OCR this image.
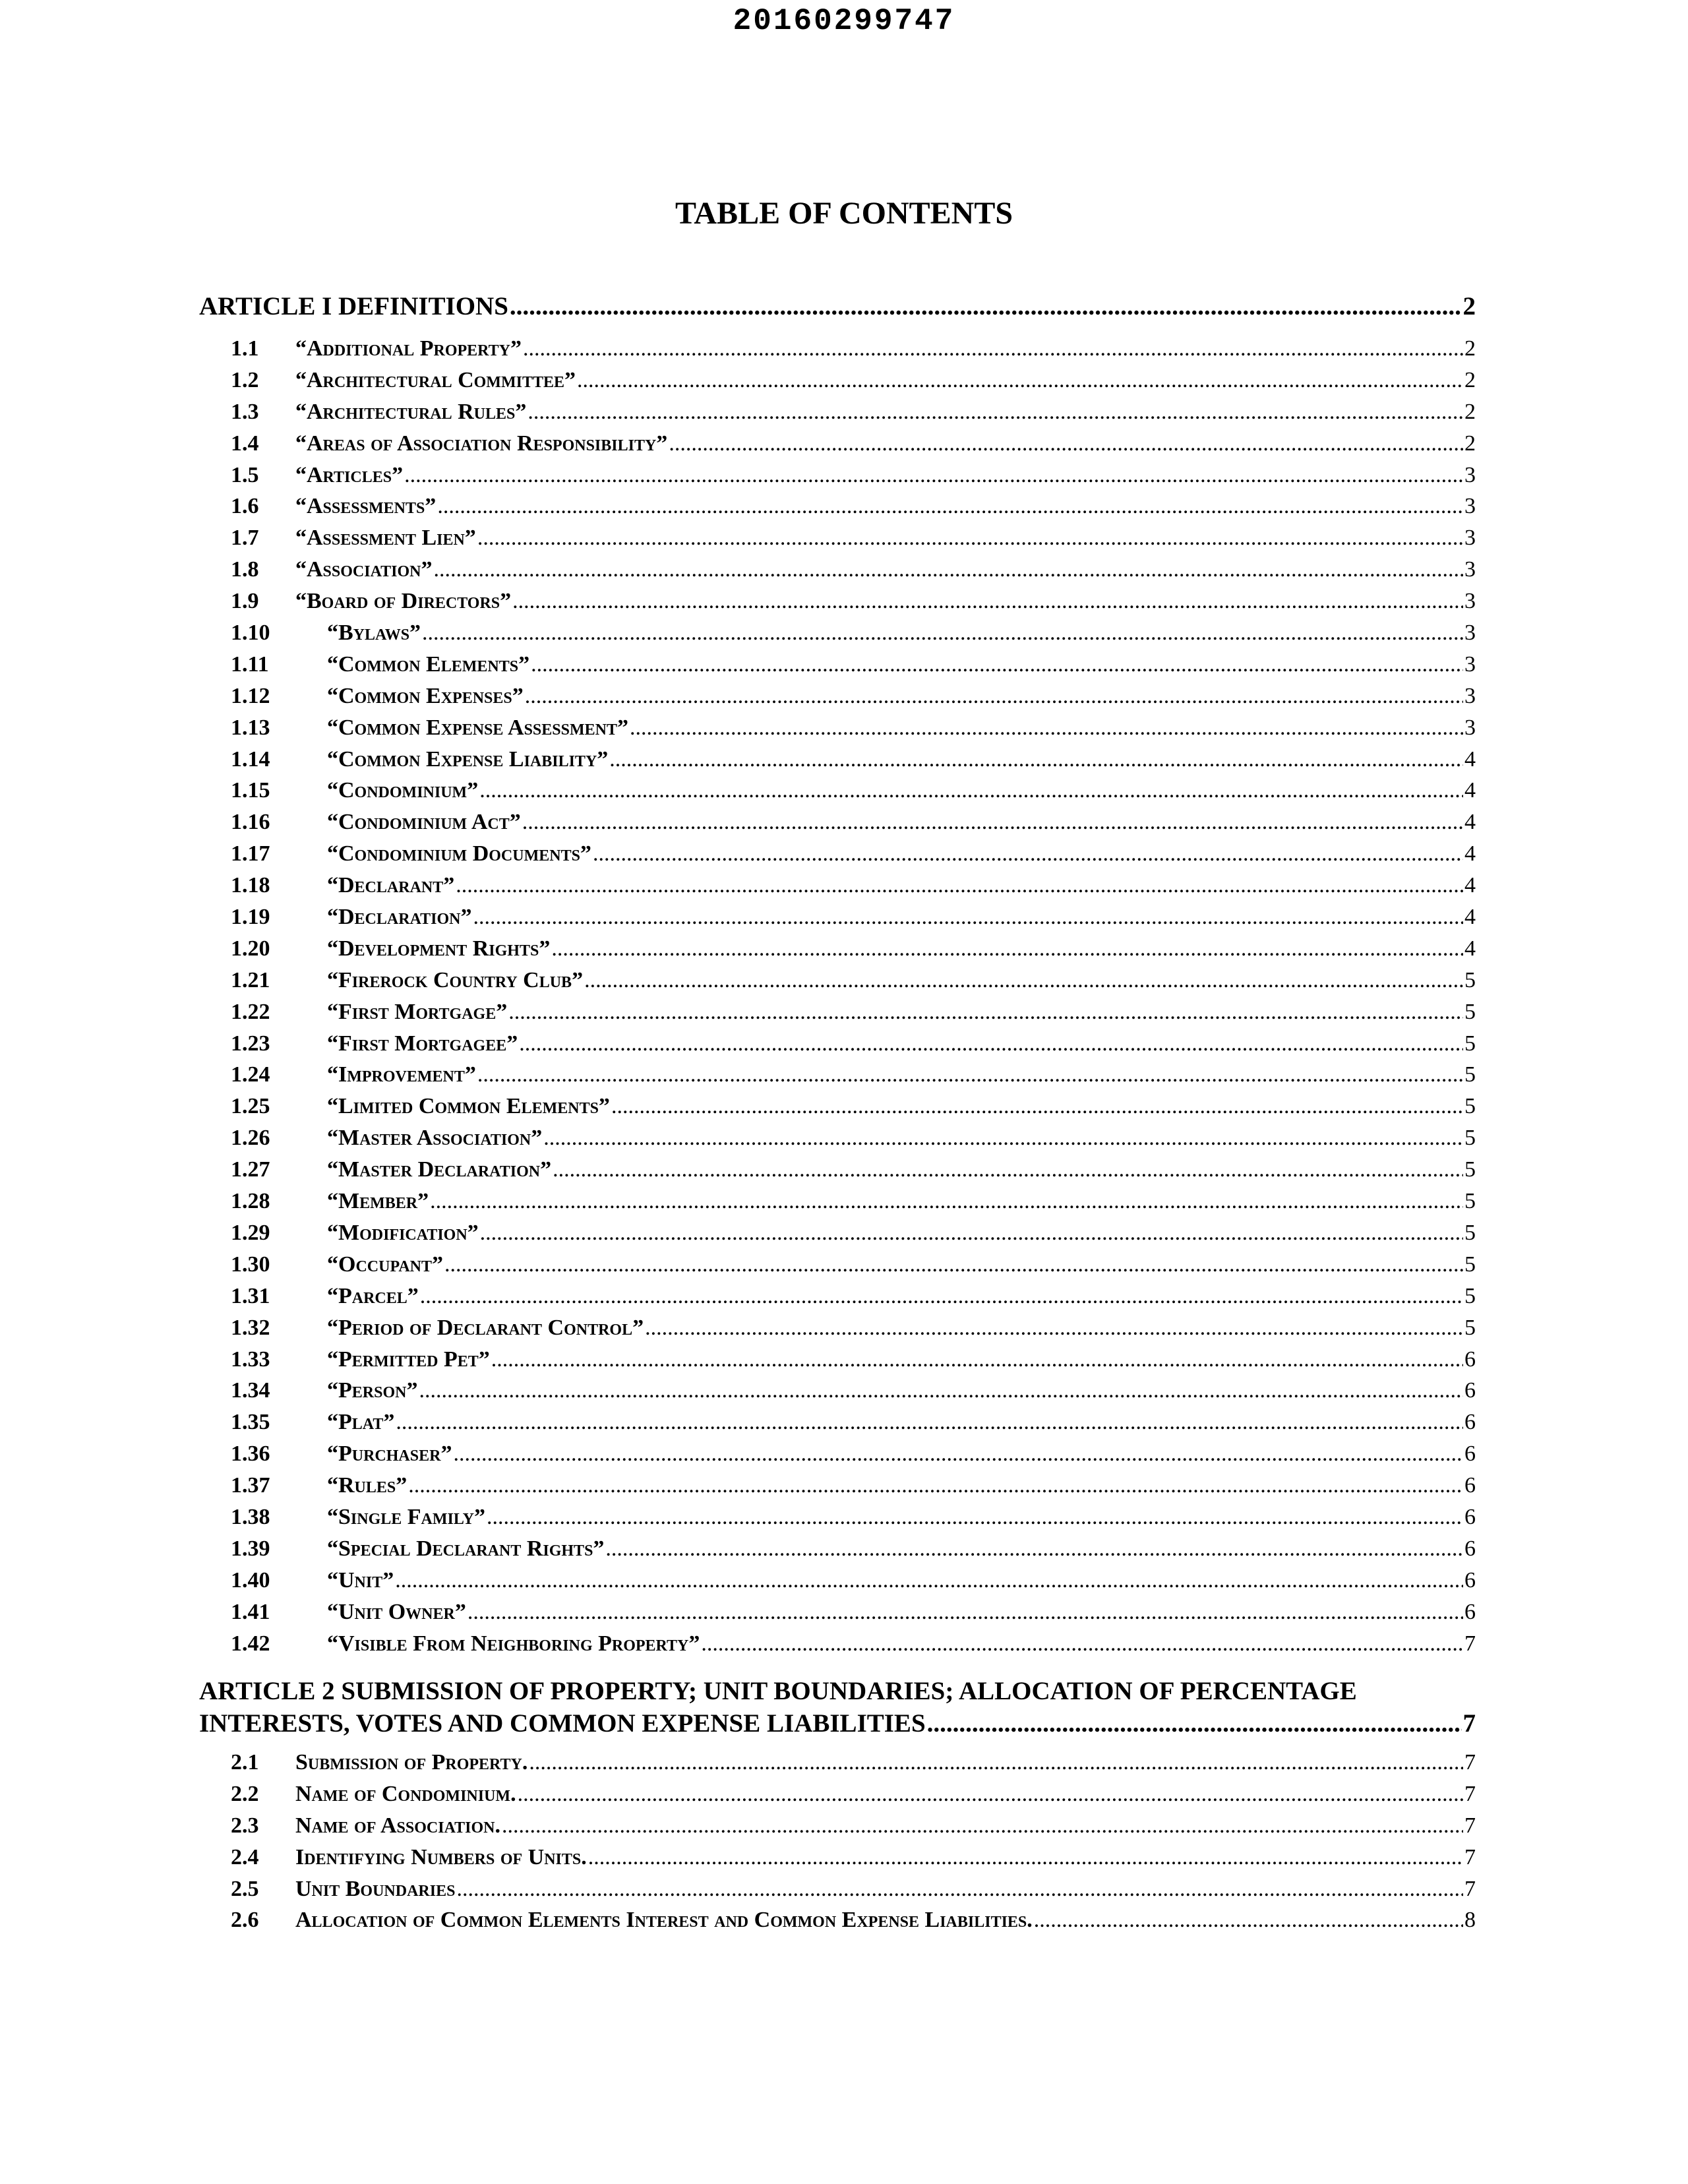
20160299747
TABLE OF CONTENTS
ARTICLE I DEFINITIONS .....	2
1.1	“Additional Property” .....	2
1.2	“Architectural Committee” .....	2
1.3	“Architectural Rules” .....	2
1.4	“Areas of Association Responsibility” .....	2
1.5	“Articles” .....	3
1.6	“Assessments” .....	3
1.7	“Assessment Lien” .....	3
1.8	“Association” .....	3
1.9	“Board of Directors” .....	3
1.10	“Bylaws” .....	3
1.11	“Common Elements” .....	3
1.12	“Common Expenses” .....	3
1.13	“Common Expense Assessment” .....	3
1.14	“Common Expense Liability” .....	4
1.15	“Condominium” .....	4
1.16	“Condominium Act” .....	4
1.17	“Condominium Documents” .....	4
1.18	“Declarant” .....	4
1.19	“Declaration” .....	4
1.20	“Development Rights” .....	4
1.21	“Firerock Country Club” .....	5
1.22	“First Mortgage” .....	5
1.23	“First Mortgagee” .....	5
1.24	“Improvement” .....	5
1.25	“Limited Common Elements” .....	5
1.26	“Master Association” .....	5
1.27	“Master Declaration” .....	5
1.28	“Member” .....	5
1.29	“Modification” .....	5
1.30	“Occupant” .....	5
1.31	“Parcel” .....	5
1.32	“Period of Declarant Control” .....	5
1.33	“Permitted Pet” .....	6
1.34	“Person” .....	6
1.35	“Plat” .....	6
1.36	“Purchaser” .....	6
1.37	“Rules” .....	6
1.38	“Single Family” .....	6
1.39	“Special Declarant Rights” .....	6
1.40	“Unit” .....	6
1.41	“Unit Owner” .....	6
1.42	“Visible From Neighboring Property” .....	7
ARTICLE 2 SUBMISSION OF PROPERTY; UNIT BOUNDARIES; ALLOCATION OF PERCENTAGE
INTERESTS, VOTES AND COMMON EXPENSE LIABILITIES .....	7
2.1	Submission of Property. .....	7
2.2	Name of Condominium. .....	7
2.3	Name of Association. .....	7
2.4	Identifying Numbers of Units. .....	7
2.5	Unit Boundaries .....	7
2.6	Allocation of Common Elements Interest and Common Expense Liabilities. .....	8
